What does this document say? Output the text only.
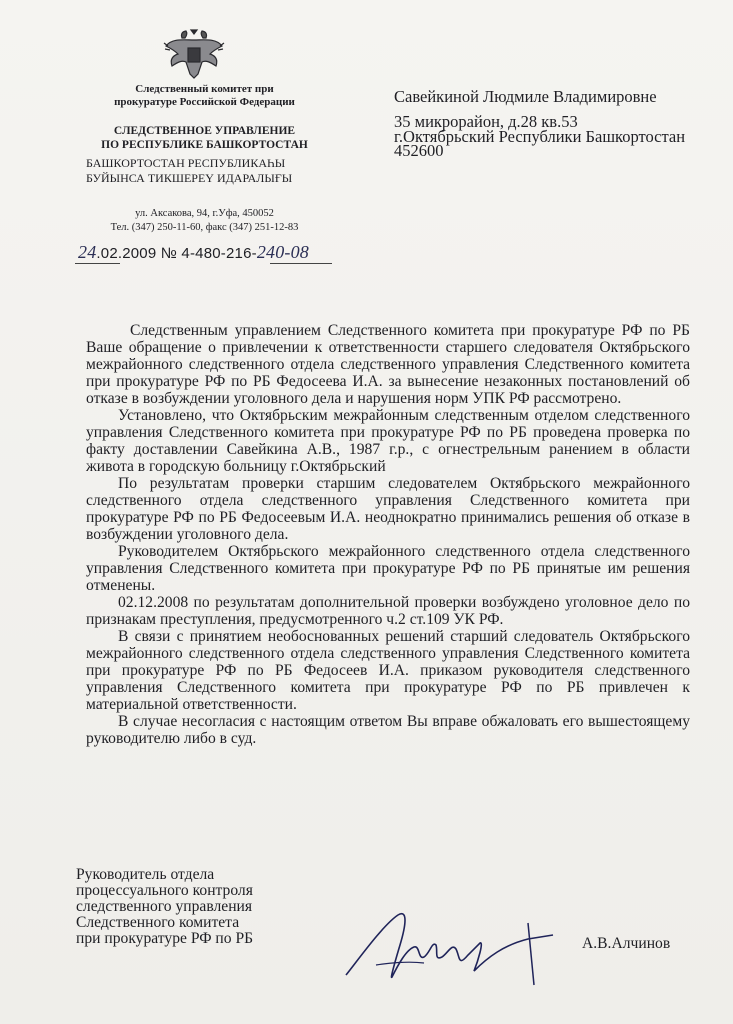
Следственный комитет при
прокуратуре Российской Федерации
СЛЕДСТВЕННОЕ УПРАВЛЕНИЕ
ПО РЕСПУБЛИКЕ БАШКОРТОСТАН
БАШКОРТОСТАН РЕСПУБЛИКАҺЫ
БУЙЫНСА ТИКШЕРЕҮ ИДАРАЛЫҒЫ
ул. Аксакова, 94, г.Уфа, 450052
Тел. (347) 250-11-60, факс (347) 251-12-83
24.02.2009 № 4-480-216-240-08
Савейкиной Людмиле Владимировне
35 микрорайон, д.28 кв.53
г.Октябрьский Республики Башкортостан
452600

Следственным управлением Следственного комитета при прокуратуре РФ по РБ Ваше обращение о привлечении к ответственности старшего следователя Октябрьского межрайонного следственного отдела следственного управления Следственного комитета при прокуратуре РФ по РБ Федосеева И.А. за вынесение незаконных постановлений об отказе в возбуждении уголовного дела и нарушения норм УПК РФ рассмотрено.

Установлено, что Октябрьским межрайонным следственным отделом следственного управления Следственного комитета при прокуратуре РФ по РБ проведена проверка по факту доставлении Савейкина А.В., 1987 г.р., с огнестрельным ранением в области живота в городскую больницу г.Октябрьский

По результатам проверки старшим следователем Октябрьского межрайонного следственного отдела следственного управления Следственного комитета при прокуратуре РФ по РБ Федосеевым И.А. неоднократно принимались решения об отказе в возбуждении уголовного дела.

Руководителем Октябрьского межрайонного следственного отдела следственного управления Следственного комитета при прокуратуре РФ по РБ принятые им решения отменены.

02.12.2008 по результатам дополнительной проверки возбуждено уголовное дело по признакам преступления, предусмотренного ч.2 ст.109 УК РФ.

В связи с принятием необоснованных решений старший следователь Октябрьского межрайонного следственного отдела следственного управления Следственного комитета при прокуратуре РФ по РБ Федосеев И.А. приказом руководителя следственного управления Следственного комитета при прокуратуре РФ по РБ привлечен к материальной ответственности.

В случае несогласия с настоящим ответом Вы вправе обжаловать его вышестоящему руководителю либо в суд.

Руководитель отдела
процессуального контроля
следственного управления
Следственного комитета
при прокуратуре РФ по РБ	А.В.Алчинов
